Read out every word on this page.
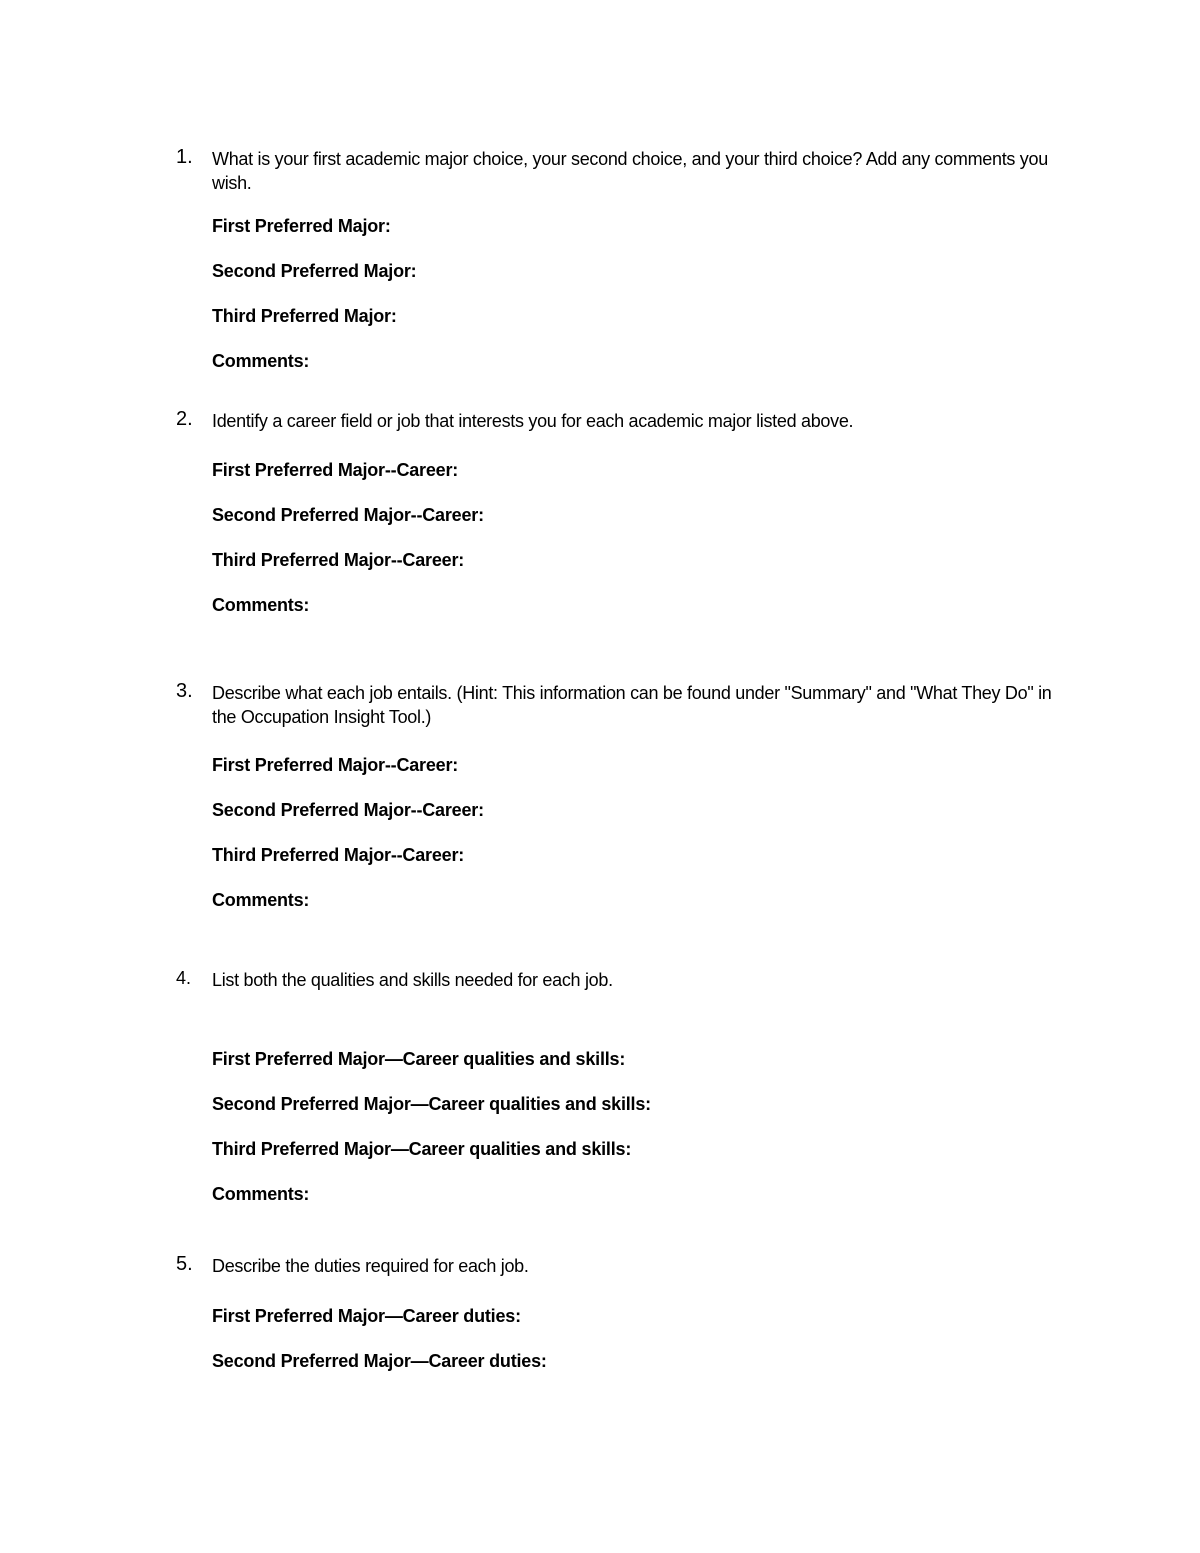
1. What is your first academic major choice, your second choice, and your third choice? Add any comments you wish.
First Preferred Major:
Second Preferred Major:
Third Preferred Major:
Comments:
2. Identify a career field or job that interests you for each academic major listed above.
First Preferred Major--Career:
Second Preferred Major--Career:
Third Preferred Major--Career:
Comments:
3. Describe what each job entails. (Hint: This information can be found under "Summary" and "What They Do" in the Occupation Insight Tool.)
First Preferred Major--Career:
Second Preferred Major--Career:
Third Preferred Major--Career:
Comments:
4. List both the qualities and skills needed for each job.
First Preferred Major—Career qualities and skills:
Second Preferred Major—Career qualities and skills:
Third Preferred Major—Career qualities and skills:
Comments:
5. Describe the duties required for each job.
First Preferred Major—Career duties:
Second Preferred Major—Career duties:
